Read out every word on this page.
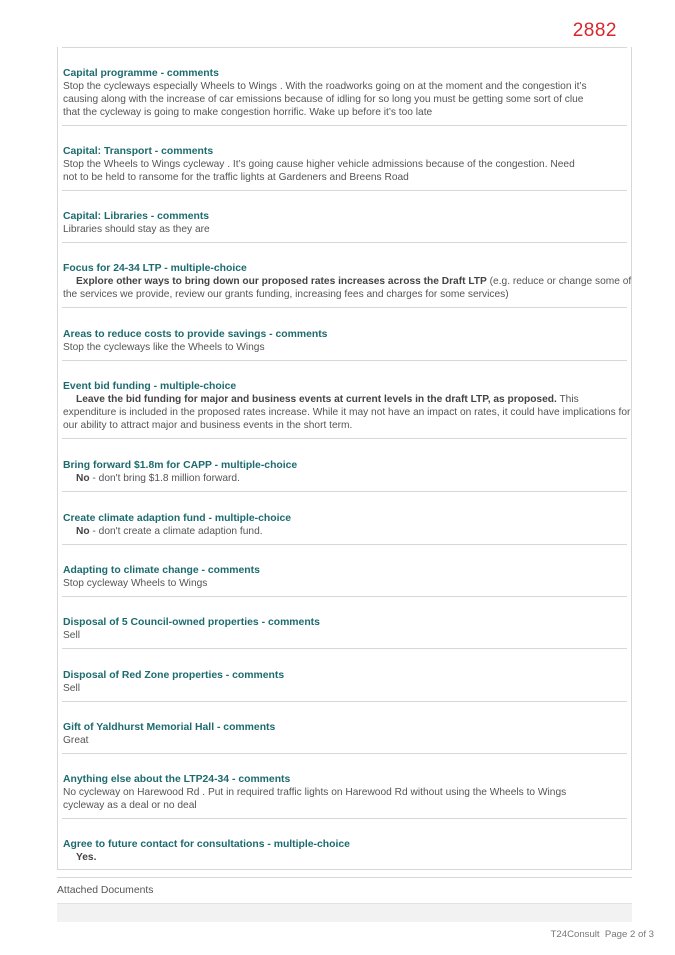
2882
Capital programme - comments
Stop the cycleways especially Wheels to Wings . With the roadworks going on at the moment and the congestion it’s
causing along with the increase of car emissions because of idling for so long you must be getting some sort of clue
that the cycleway is going to make congestion horrific. Wake up before it’s too late
Capital: Transport - comments
Stop the Wheels to Wings cycleway . It’s going cause higher vehicle admissions because of the congestion. Need
not to be held to ransome for the traffic lights at Gardeners and Breens Road
Capital: Libraries - comments
Libraries should stay as they are
Focus for 24-34 LTP - multiple-choice
Explore other ways to bring down our proposed rates increases across the Draft LTP (e.g. reduce or change some of
the services we provide, review our grants funding, increasing fees and charges for some services)
Areas to reduce costs to provide savings - comments
Stop the cycleways like the Wheels to Wings
Event bid funding - multiple-choice
Leave the bid funding for major and business events at current levels in the draft LTP, as proposed. This
expenditure is included in the proposed rates increase. While it may not have an impact on rates, it could have implications for
our ability to attract major and business events in the short term.
Bring forward $1.8m for CAPP - multiple-choice
No - don't bring $1.8 million forward.
Create climate adaption fund - multiple-choice
No - don't create a climate adaption fund.
Adapting to climate change - comments
Stop cycleway Wheels to Wings
Disposal of 5 Council-owned properties - comments
Sell
Disposal of Red Zone properties - comments
Sell
Gift of Yaldhurst Memorial Hall - comments
Great
Anything else about the LTP24-34 - comments
No cycleway on Harewood Rd . Put in required traffic lights on Harewood Rd without using the Wheels to Wings
cycleway as a deal or no deal
Agree to future contact for consultations - multiple-choice
Yes.
Attached Documents
T24Consult  Page 2 of 3
